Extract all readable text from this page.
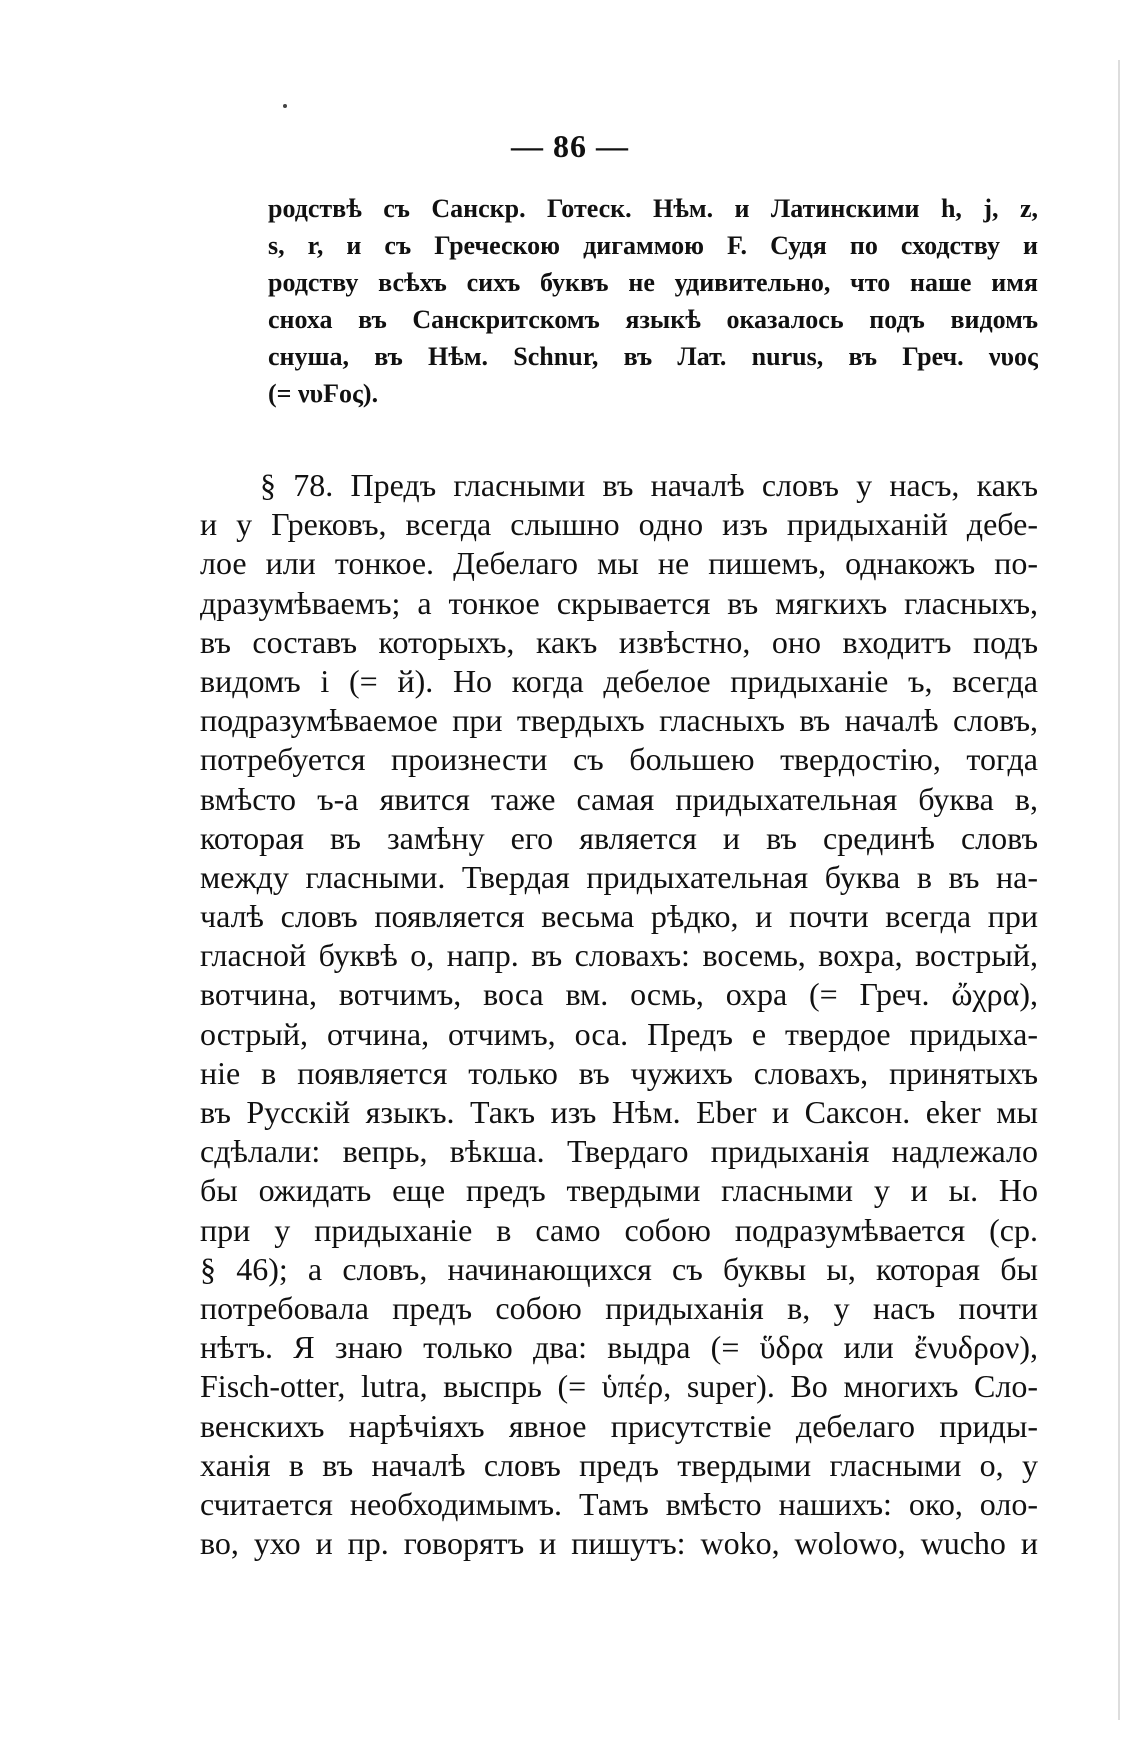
— 86 —
родствѣ съ Санскр. Готеск. Нѣм. и Латинскими h, j, z,
s, r, и съ Греческою дигаммою F. Судя по сходству и
родству всѣхъ сихъ буквъ не удивительно, что наше имя
сноха въ Санскритскомъ языкѣ оказалось подъ видомъ
снуша, въ Нѣм. Schnur, въ Лат. nurus, въ Греч. νυος
(= νυϜος).
§ 78. Предъ гласными въ началѣ словъ у насъ, какъ
и у Грековъ, всегда слышно одно изъ придыханій дебе-
лое или тонкое. Дебелаго мы не пишемъ, однакожъ по-
дразумѣваемъ; а тонкое скрывается въ мягкихъ гласныхъ,
въ составъ которыхъ, какъ извѣстно, оно входитъ подъ
видомъ і (= й). Но когда дебелое придыханіе ъ, всегда
подразумѣваемое при твердыхъ гласныхъ въ началѣ словъ,
потребуется произнести съ большею твердостію, тогда
вмѣсто ъ-а явится таже самая придыхательная буква в,
которая въ замѣну его является и въ срединѣ словъ
между гласными. Твердая придыхательная буква в въ на-
чалѣ словъ появляется весьма рѣдко, и почти всегда при
гласной буквѣ о, напр. въ словахъ: восемь, вохра, вострый,
вотчина, вотчимъ, воса вм. осмь, охра (= Греч. ὤχρα),
острый, отчина, отчимъ, оса. Предъ е твердое придыха-
ніе в появляется только въ чужихъ словахъ, принятыхъ
въ Русскій языкъ. Такъ изъ Нѣм. Eber и Саксон. eker мы
сдѣлали: вепрь, вѣкша. Твердаго придыханія надлежало
бы ожидать еще предъ твердыми гласными у и ы. Но
при у придыханіе в само собою подразумѣвается (ср.
§ 46); а словъ, начинающихся съ буквы ы, которая бы
потребовала предъ собою придыханія в, у насъ почти
нѣтъ. Я знаю только два: выдра (= ὕδρα или ἔνυδρον),
Fisch-otter, lutra, выспрь (= ὑπέρ, super). Во многихъ Сло-
венскихъ нарѣчіяхъ явное присутствіе дебелаго приды-
ханія в въ началѣ словъ предъ твердыми гласными о, у
считается необходимымъ. Тамъ вмѣсто нашихъ: око, оло-
во, ухо и пр. говорятъ и пишутъ: woko, wolowo, wucho и
